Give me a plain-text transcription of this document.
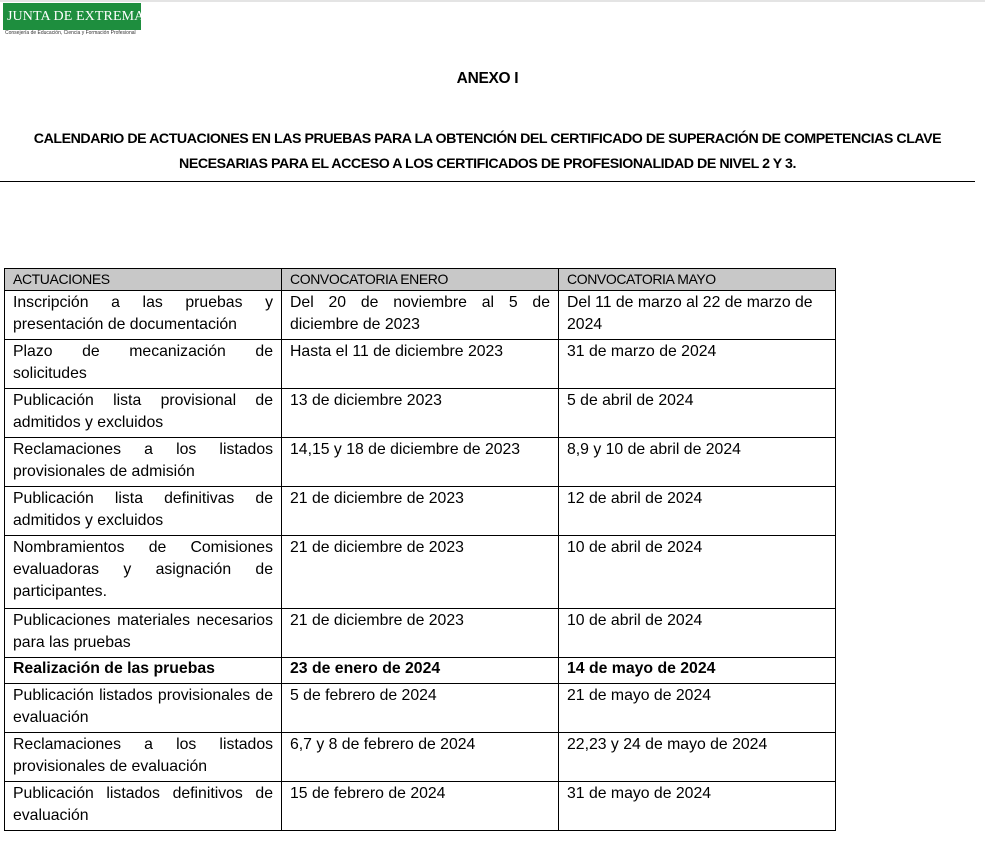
JUNTA DE EXTREMADURA
Consejería de Educación, Ciencia y Formación Profesional
ANEXO I
CALENDARIO DE ACTUACIONES EN LAS PRUEBAS PARA LA OBTENCIÓN DEL CERTIFICADO DE SUPERACIÓN DE COMPETENCIAS CLAVE NECESARIAS PARA EL ACCESO A LOS CERTIFICADOS DE PROFESIONALIDAD DE NIVEL 2 Y 3.
ACTUACIONES	CONVOCATORIA ENERO	CONVOCATORIA MAYO
Inscripción a las pruebas y presentación de documentación	Del 20 de noviembre al 5 de diciembre de 2023	Del 11 de marzo al 22 de marzo de 2024
Plazo de mecanización de solicitudes	Hasta el 11 de diciembre 2023	31 de marzo de 2024
Publicación lista provisional de admitidos y excluidos	13 de diciembre 2023	5 de abril de 2024
Reclamaciones a los listados provisionales de admisión	14,15 y 18 de diciembre de 2023	8,9 y 10 de abril de 2024
Publicación lista definitivas de admitidos y excluidos	21 de diciembre de 2023	12 de abril de 2024
Nombramientos de Comisiones evaluadoras y asignación de participantes.	21 de diciembre de 2023	10 de abril de 2024
Publicaciones materiales necesarios para las pruebas	21 de diciembre de 2023	10 de abril de 2024
Realización de las pruebas	23 de enero de 2024	14 de mayo de 2024
Publicación listados provisionales de evaluación	5 de febrero de 2024	21 de mayo de 2024
Reclamaciones a los listados provisionales de evaluación	6,7 y 8 de febrero de 2024	22,23 y 24 de mayo de 2024
Publicación listados definitivos de evaluación	15 de febrero de 2024	31 de mayo de 2024
